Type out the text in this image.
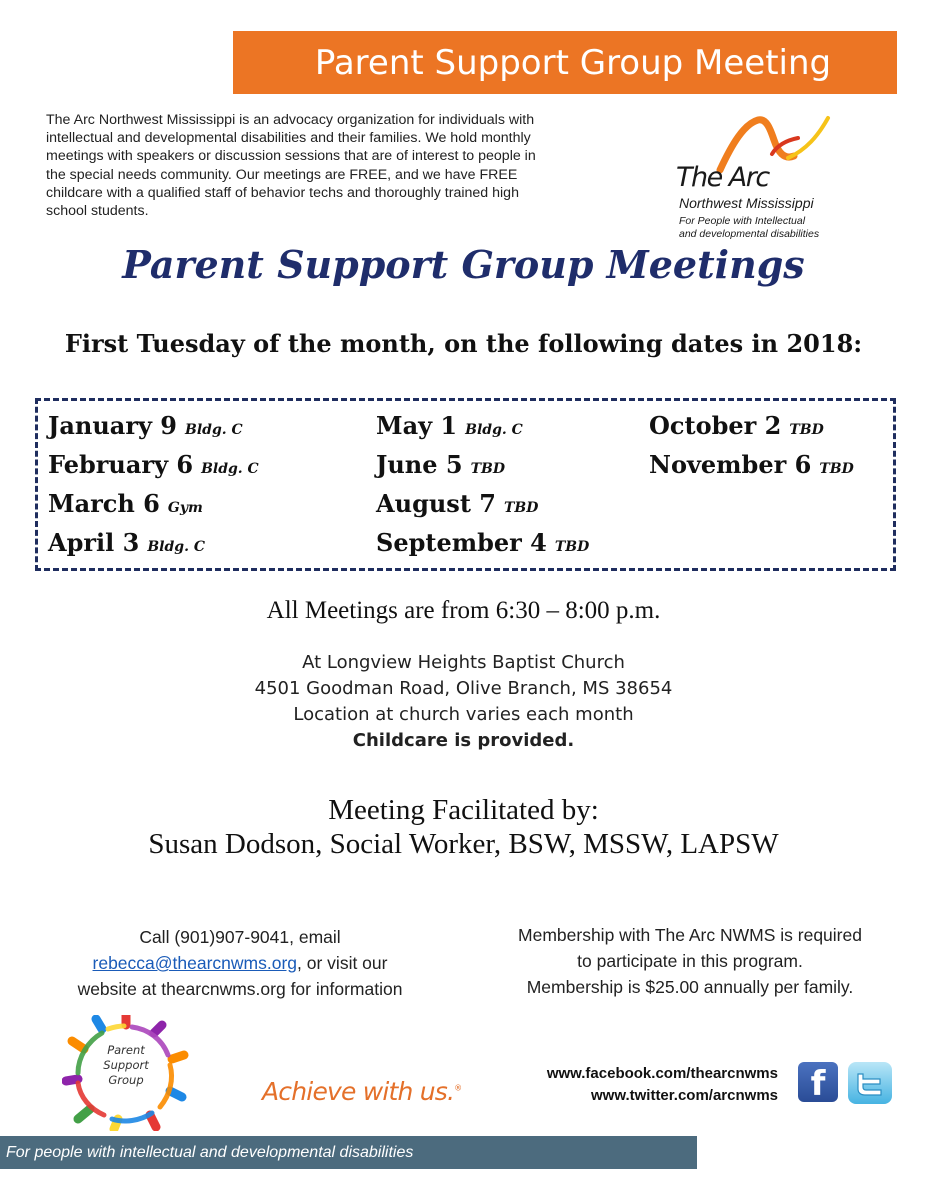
Parent Support Group Meeting

The Arc Northwest Mississippi is an advocacy organization for individuals with intellectual and developmental disabilities and their families. We hold monthly meetings with speakers or discussion sessions that are of interest to people in the special needs community. Our meetings are FREE, and we have FREE childcare with a qualified staff of behavior techs and thoroughly trained high school students.

The Arc
Northwest Mississippi
For People with Intellectual
and developmental disabilities
Parent Support Group Meetings
First Tuesday of the month, on the following dates in 2018:
January 9 Bldg. C
February 6 Bldg. C
March 6 Gym
April 3 Bldg. C
May 1 Bldg. C
June 5 TBD
August 7 TBD
September 4 TBD
October 2 TBD
November 6 TBD
All Meetings are from 6:30 – 8:00 p.m.
At Longview Heights Baptist Church
4501 Goodman Road, Olive Branch, MS 38654
Location at church varies each month
Childcare is provided.
Meeting Facilitated by:
Susan Dodson, Social Worker, BSW, MSSW, LAPSW
Call (901)907-9041, email
rebecca@thearcnwms.org, or visit our
website at thearcnwms.org for information
Membership with The Arc NWMS is required
to participate in this program.
Membership is $25.00 annually per family.
Parent
Support
Group	Achieve with us.®
www.facebook.com/thearcnwms
www.twitter.com/arcnwms f
For people with intellectual and developmental disabilities
